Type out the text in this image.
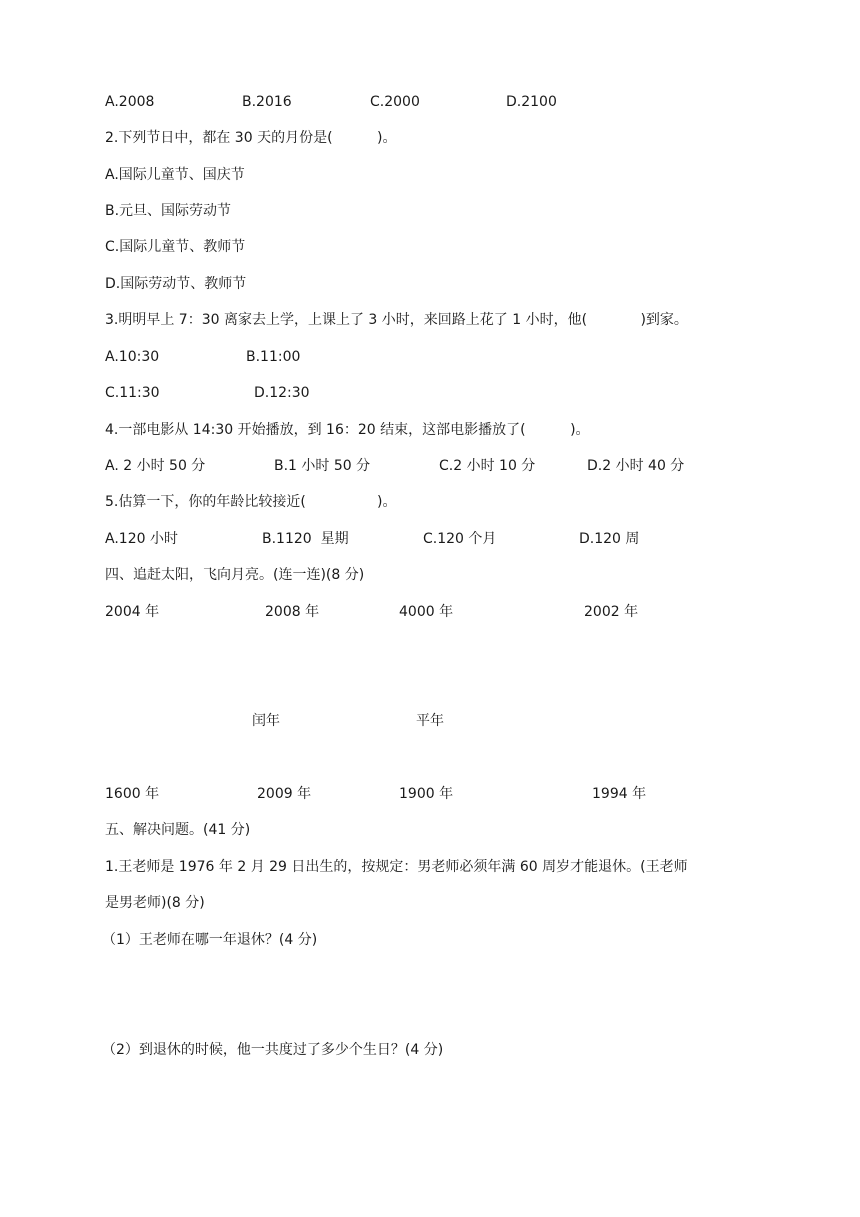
A.2008	B.2016	C.2000	D.2100
2.下列节日中，都在 30 天的月份是(          )。
A.国际儿童节、国庆节
B.元旦、国际劳动节
C.国际儿童节、教师节
D.国际劳动节、教师节
3.明明早上 7：30 离家去上学，上课上了 3 小时，来回路上花了 1 小时，他(            )到家。
A.10:30	B.11:00
C.11:30	D.12:30
4.一部电影从 14:30 开始播放，到 16：20 结束，这部电影播放了(          )。
A. 2 小时 50 分	B.1 小时 50 分	C.2 小时 10 分	D.2 小时 40 分
5.估算一下，你的年龄比较接近(                )。
A.120 小时	B.1120  星期	C.120 个月	D.120 周
四、追赶太阳，飞向月亮。(连一连)(8 分)
2004 年	2008 年	4000 年	2002 年
闰年	平年
1600 年	2009 年	1900 年	1994 年
五、解决问题。(41 分)
1.王老师是 1976 年 2 月 29 日出生的，按规定：男老师必须年满 60 周岁才能退休。(王老师
是男老师)(8 分)
（1）王老师在哪一年退休？(4 分)
（2）到退休的时候，他一共度过了多少个生日？(4 分)
